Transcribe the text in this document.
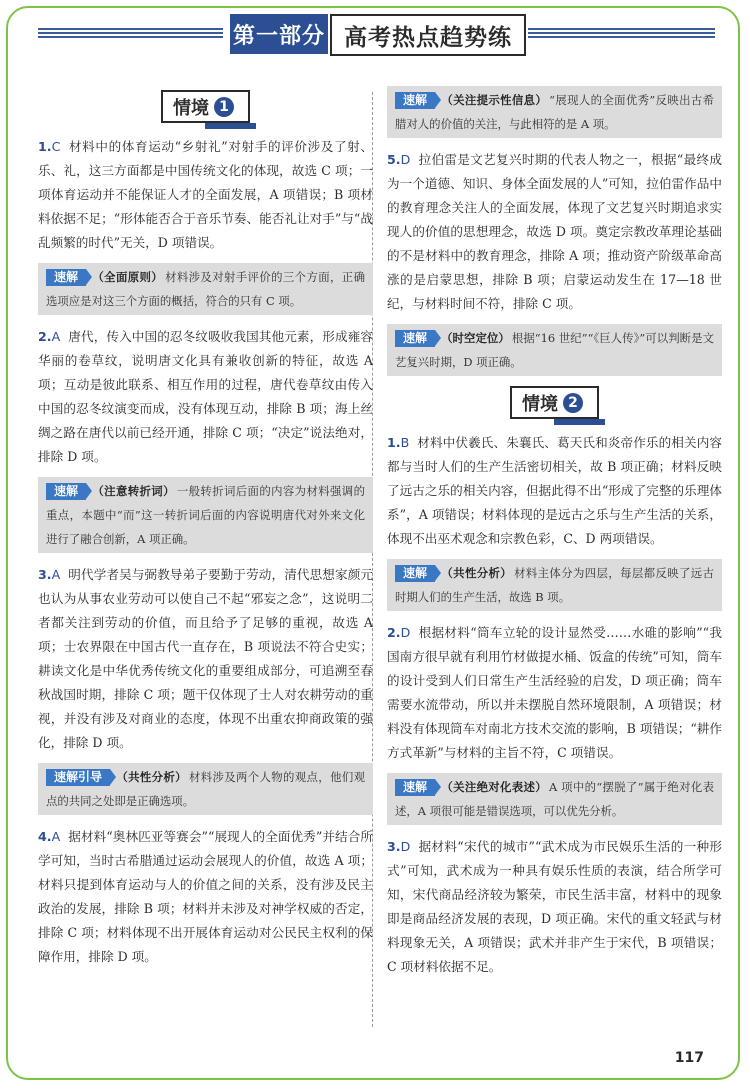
第一部分 高考热点趋势练
情境 1
1.C 材料中的体育运动“乡射礼”对射手的评价涉及了射、乐、礼，这三方面都是中国传统文化的体现，故选 C 项；一项体育运动并不能保证人才的全面发展，A 项错误；B 项材料依据不足；“形体能否合于音乐节奏、能否礼让对手”与“战乱频繁的时代”无关，D 项错误。
速解 （全面原则） 材料涉及对射手评价的三个方面，正确选项应是对这三个方面的概括，符合的只有 C 项。
2.A 唐代，传入中国的忍冬纹吸收我国其他元素，形成雍容华丽的卷草纹，说明唐文化具有兼收创新的特征，故选 A 项；互动是彼此联系、相互作用的过程，唐代卷草纹由传入中国的忍冬纹演变而成，没有体现互动，排除 B 项；海上丝绸之路在唐代以前已经开通，排除 C 项；“决定”说法绝对，排除 D 项。
速解 （注意转折词） 一般转折词后面的内容为材料强调的重点，本题中“而”这一转折词后面的内容说明唐代对外来文化进行了融合创新，A 项正确。
3.A 明代学者吴与弼教导弟子要勤于劳动，清代思想家颜元也认为从事农业劳动可以使自己不起“邪妄之念”，这说明二者都关注到劳动的价值，而且给予了足够的重视，故选 A 项；士农界限在中国古代一直存在，B 项说法不符合史实；耕读文化是中华优秀传统文化的重要组成部分，可追溯至春秋战国时期，排除 C 项；题干仅体现了士人对农耕劳动的重视，并没有涉及对商业的态度，体现不出重农抑商政策的强化，排除 D 项。
速解引导 （共性分析） 材料涉及两个人物的观点，他们观点的共同之处即是正确选项。
4.A 据材料“奥林匹亚等赛会”“展现人的全面优秀”并结合所学可知，当时古希腊通过运动会展现人的价值，故选 A 项；材料只提到体育运动与人的价值之间的关系，没有涉及民主政治的发展，排除 B 项；材料并未涉及对神学权威的否定，排除 C 项；材料体现不出开展体育运动对公民民主权利的保障作用，排除 D 项。
速解 （关注提示性信息） “展现人的全面优秀”反映出古希腊对人的价值的关注，与此相符的是 A 项。
5.D 拉伯雷是文艺复兴时期的代表人物之一，根据“最终成为一个道德、知识、身体全面发展的人”可知，拉伯雷作品中的教育理念关注人的全面发展，体现了文艺复兴时期追求实现人的价值的思想理念，故选 D 项。奠定宗教改革理论基础的不是材料中的教育理念，排除 A 项；推动资产阶级革命高涨的是启蒙思想，排除 B 项；启蒙运动发生在 17—18 世纪，与材料时间不符，排除 C 项。
速解 （时空定位） 根据“16 世纪”“《巨人传》”可以判断是文艺复兴时期，D 项正确。
情境 2
1.B 材料中伏羲氏、朱襄氏、葛天氏和炎帝作乐的相关内容都与当时人们的生产生活密切相关，故 B 项正确；材料反映了远古之乐的相关内容，但据此得不出“形成了完整的乐理体系”，A 项错误；材料体现的是远古之乐与生产生活的关系，体现不出巫术观念和宗教色彩，C、D 两项错误。
速解 （共性分析） 材料主体分为四层，每层都反映了远古时期人们的生产生活，故选 B 项。
2.D 根据材料“筒车立轮的设计显然受……水碓的影响”“我国南方很早就有利用竹材做提水桶、饭盒的传统”可知，筒车的设计受到人们日常生产生活经验的启发，D 项正确；筒车需要水流带动，所以并未摆脱自然环境限制，A 项错误；材料没有体现筒车对南北方技术交流的影响，B 项错误；“耕作方式革新”与材料的主旨不符，C 项错误。
速解 （关注绝对化表述） A 项中的“摆脱了”属于绝对化表述，A 项很可能是错误选项，可以优先分析。
3.D 据材料“宋代的城市”“武术成为市民娱乐生活的一种形式”可知，武术成为一种具有娱乐性质的表演，结合所学可知，宋代商品经济较为繁荣，市民生活丰富，材料中的现象即是商品经济发展的表现，D 项正确。宋代的重文轻武与材料现象无关，A 项错误；武术并非产生于宋代，B 项错误；C 项材料依据不足。
117
